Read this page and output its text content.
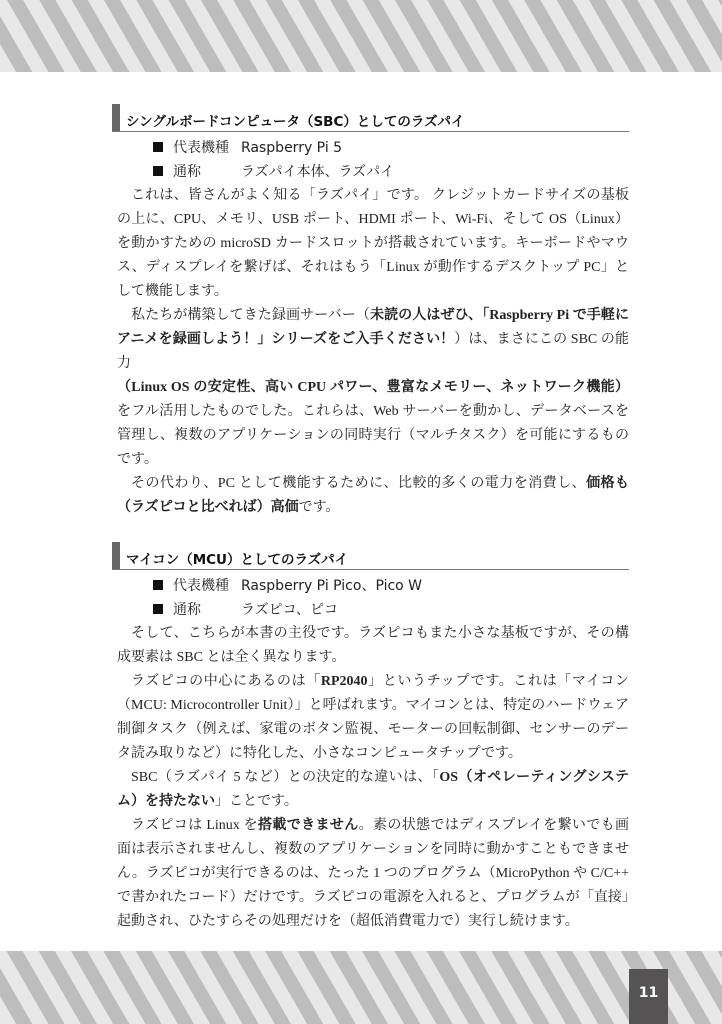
シングルボードコンピュータ（SBC）としてのラズパイ
代表機種 Raspberry Pi 5
通称	ラズパイ本体、ラズパイ

これは、皆さんがよく知る「ラズパイ」です。 クレジットカードサイズの基板の上に、CPU、メモリ、USB ポート、HDMI ポート、Wi-Fi、そして OS（Linux）を動かすための microSD カードスロットが搭載されています。キーボードやマウス、ディスプレイを繋げば、それはもう「Linux が動作するデスクトップ PC」として機能します。

私たちが構築してきた録画サーバー（未読の人はぜひ、「Raspberry Pi で手軽にアニメを録画しよう！」シリーズをご入手ください！）は、まさにこの SBC の能力（Linux OS の安定性、高い CPU パワー、豊富なメモリー、ネットワーク機能）をフル活用したものでした。これらは、Web サーバーを動かし、データベースを管理し、複数のアプリケーションの同時実行（マルチタスク）を可能にするものです。

その代わり、PC として機能するために、比較的多くの電力を消費し、価格も（ラズピコと比べれば）高価です。

マイコン（MCU）としてのラズパイ
代表機種 Raspberry Pi Pico、Pico W
通称	ラズピコ、ピコ

そして、こちらが本書の主役です。ラズピコもまた小さな基板ですが、その構成要素は SBC とは全く異なります。

ラズピコの中心にあるのは「RP2040」というチップです。これは「マイコン（MCU: Microcontroller Unit）」と呼ばれます。マイコンとは、特定のハードウェア制御タスク（例えば、家電のボタン監視、モーターの回転制御、センサーのデータ読み取りなど）に特化した、小さなコンピュータチップです。

SBC（ラズパイ 5 など）との決定的な違いは、「OS（オペレーティングシステム）を持たない」ことです。

ラズピコは Linux を搭載できません。素の状態ではディスプレイを繋いでも画面は表示されませんし、複数のアプリケーションを同時に動かすこともできません。ラズピコが実行できるのは、たった 1 つのプログラム（MicroPython や C/C++ で書かれたコード）だけです。ラズピコの電源を入れると、プログラムが「直接」起動され、ひたすらその処理だけを（超低消費電力で）実行し続けます。

11
